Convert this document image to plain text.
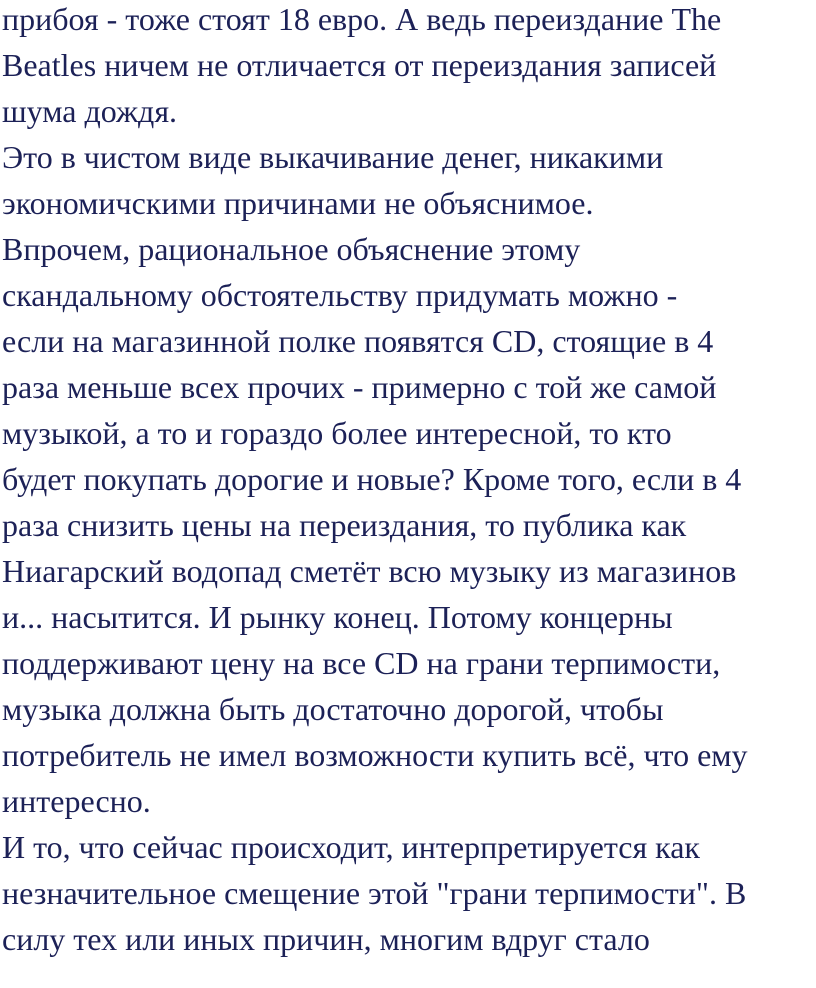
прибоя - тоже стоят 18 евро. А ведь переиздание The
Beatles ничем не отличается от переиздания записей
шума дождя.
Это в чистом виде выкачивание денег, никакими
экономичскими причинами не объяснимое.
Впрочем, рациональное объяснение этому
скандальному обстоятельству придумать можно -
если на магазинной полке появятся CD, стоящие в 4
раза меньше всех прочих - примерно с той же самой
музыкой, а то и гораздо более интересной, то кто
будет покупать дорогие и новые? Кроме того, если в 4
раза снизить цены на переиздания, то публика как
Ниагарский водопад сметёт всю музыку из магазинов
и... насытится. И рынку конец. Потому концерны
поддерживают цену на все CD на грани терпимости,
музыка должна быть достаточно дорогой, чтобы
потребитель не имел возможности купить всё, что ему
интересно.
И то, что сейчас происходит, интерпретируется как
незначительное смещение этой "грани терпимости". В
силу тех или иных причин, многим вдруг стало
